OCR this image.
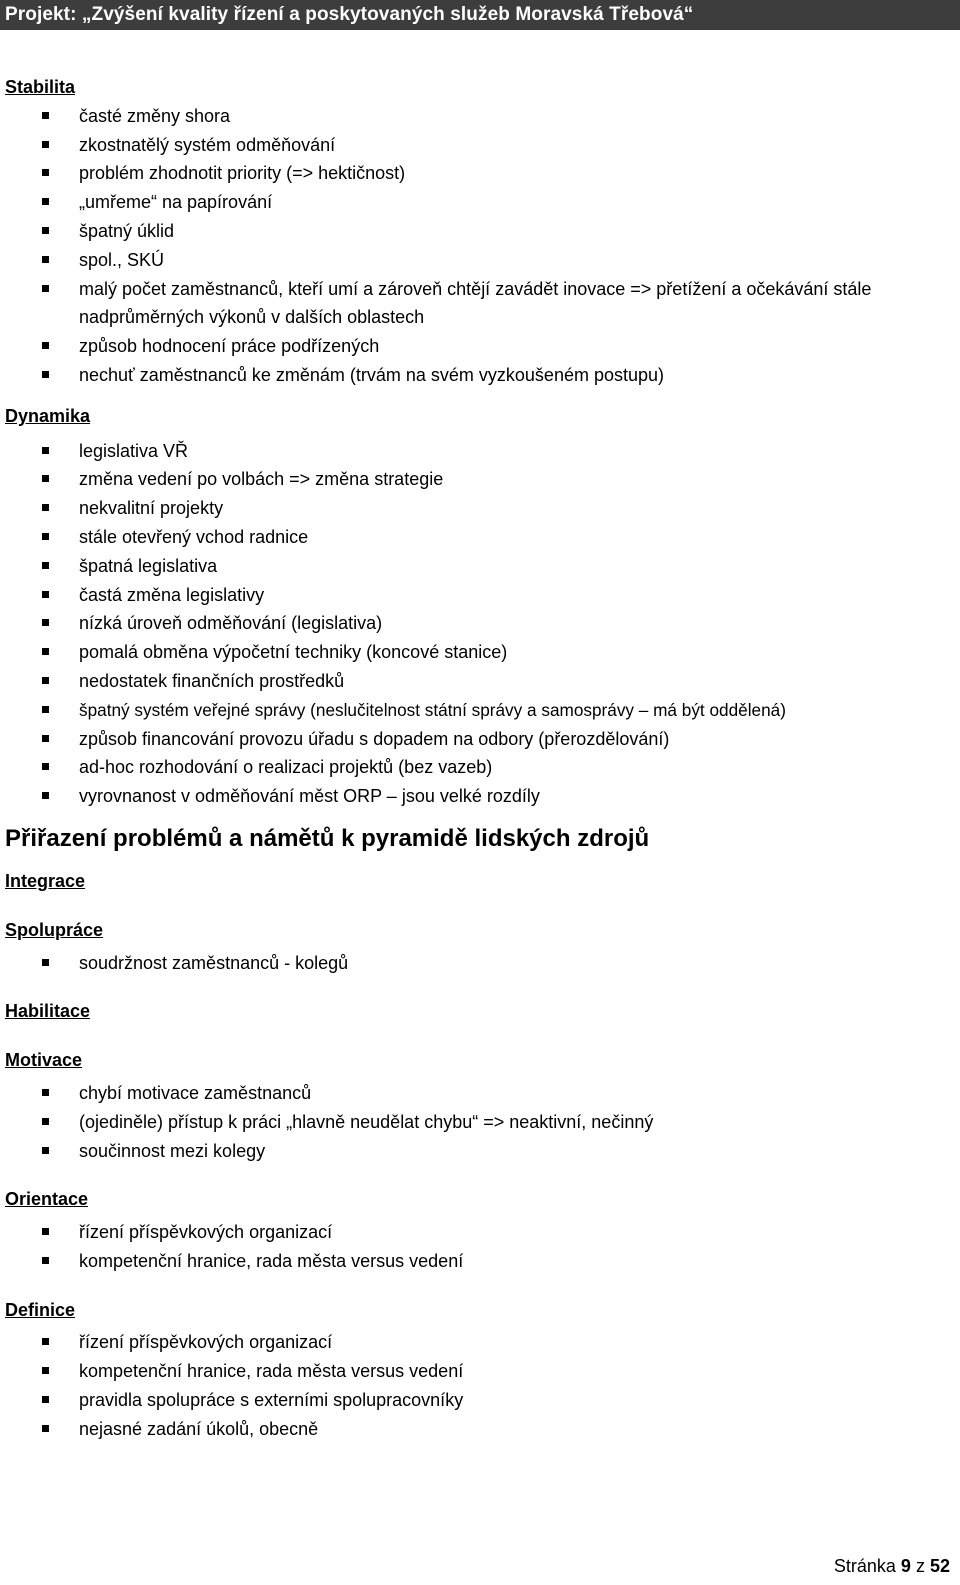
Projekt: „Zvýšení kvality řízení a poskytovaných služeb Moravská Třebová“
Stabilita
časté změny shora
zkostnatělý systém odměňování
problém zhodnotit priority (=> hektičnost)
„umřeme“ na papírování
špatný úklid
spol., SKÚ
malý počet zaměstnanců, kteří umí a zároveň chtějí zavádět inovace => přetížení a očekávání stále nadprůměrných výkonů v dalších oblastech
způsob hodnocení práce podřízených
nechuť zaměstnanců ke změnám (trvám na svém vyzkoušeném postupu)
Dynamika
legislativa VŘ
změna vedení po volbách => změna strategie
nekvalitní projekty
stále otevřený vchod radnice
špatná legislativa
častá změna legislativy
nízká úroveň odměňování (legislativa)
pomalá obměna výpočetní techniky (koncové stanice)
nedostatek finančních prostředků
špatný systém veřejné správy (neslučitelnost státní správy a samosprávy – má být oddělená)
způsob financování provozu úřadu s dopadem na odbory (přerozdělování)
ad-hoc rozhodování o realizaci projektů (bez vazeb)
vyrovnanost v odměňování měst ORP – jsou velké rozdíly
Přiřazení problémů a námětů k pyramidě lidských zdrojů
Integrace
Spolupráce
soudržnost zaměstnanců - kolegů
Habilitace
Motivace
chybí motivace zaměstnanců
(ojediněle) přístup k práci „hlavně neudělat chybu“ => neaktivní, nečinný
součinnost mezi kolegy
Orientace
řízení příspěvkových organizací
kompetenční hranice, rada města versus vedení
Definice
řízení příspěvkových organizací
kompetenční hranice, rada města versus vedení
pravidla spolupráce s externími spolupracovníky
nejasné zadání úkolů, obecně
Stránka 9 z 52
